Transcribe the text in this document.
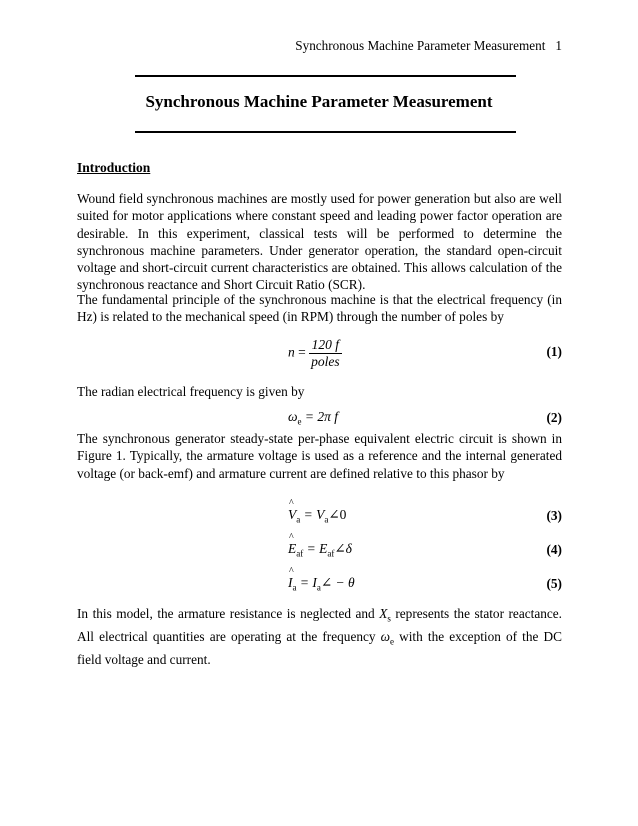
Synchronous Machine Parameter Measurement 1
Synchronous Machine Parameter Measurement
Introduction
Wound field synchronous machines are mostly used for power generation but also are well suited for motor applications where constant speed and leading power factor operation are desirable. In this experiment, classical tests will be performed to determine the synchronous machine parameters. Under generator operation, the standard open-circuit voltage and short-circuit current characteristics are obtained. This allows calculation of the synchronous reactance and Short Circuit Ratio (SCR).
The fundamental principle of the synchronous machine is that the electrical frequency (in Hz) is related to the mechanical speed (in RPM) through the number of poles by
$n = \frac{120 f}{\text{poles}}$	(1)
The radian electrical frequency is given by
$\omega_e = 2\pi$ f	(2)
The synchronous generator steady-state per-phase equivalent electric circuit is shown in Figure 1. Typically, the armature voltage is used as a reference and the internal generated voltage (or back-emf) and armature current are defined relative to this phasor by
^ $V_a$ = $V_a\angle 0$	(3)
^ $E_{af}$ = $E_{af}\angle\delta$	(4)
^ $I_a$ = $I_a\angle - \theta$	(5)
In this model, the armature resistance is neglected and $X_s$ represents the stator reactance. All electrical quantities are operating at the frequency $\omega_e$ with the exception of the DC field voltage and current.
